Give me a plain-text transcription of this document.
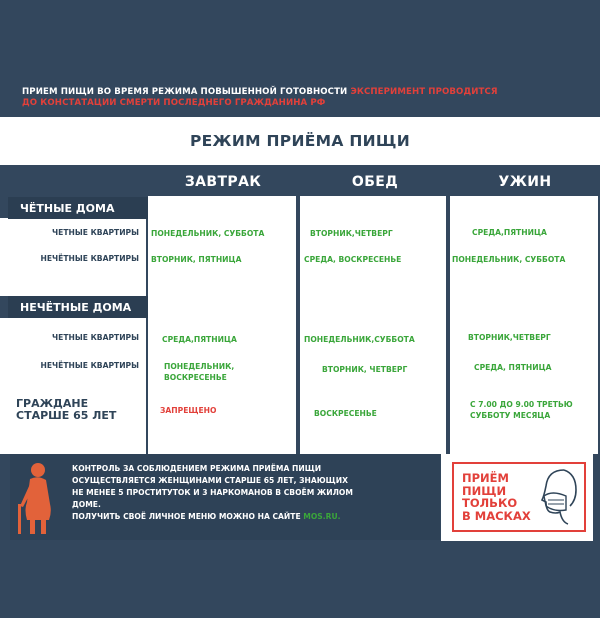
ПРИЕМ ПИЩИ ВО ВРЕМЯ РЕЖИМА ПОВЫШЕННОЙ ГОТОВНОСТИ ЭКСПЕРИМЕНТ ПРОВОДИТСЯ
ДО КОНСТАТАЦИИ СМЕРТИ ПОСЛЕДНЕГО ГРАЖДАНИНА РФ
РЕЖИМ ПРИЁМА ПИЩИ
ЗАВТРАК	ОБЕД	УЖИН
ЧЁТНЫЕ ДОМА
НЕЧЁТНЫЕ ДОМА
ЧЕТНЫЕ КВАРТИРЫ
НЕЧЁТНЫЕ КВАРТИРЫ
ЧЕТНЫЕ КВАРТИРЫ
НЕЧЁТНЫЕ КВАРТИРЫ
ГРАЖДАНЕ СТАРШЕ 65 ЛЕТ
ПОНЕДЕЛЬНИК, СУББОТА
ВТОРНИК, ПЯТНИЦА
СРЕДА,ПЯТНИЦА
ПОНЕДЕЛЬНИК, ВОСКРЕСЕНЬЕ
ЗАПРЕЩЕНО
ВТОРНИК,ЧЕТВЕРГ
СРЕДА, ВОСКРЕСЕНЬЕ
ПОНЕДЕЛЬНИК,СУББОТА
ВТОРНИК, ЧЕТВЕРГ
ВОСКРЕСЕНЬЕ
СРЕДА,ПЯТНИЦА
ПОНЕДЕЛЬНИК, СУББОТА
ВТОРНИК,ЧЕТВЕРГ
СРЕДА, ПЯТНИЦА
С 7.00 ДО 9.00 ТРЕТЬЮ СУББОТУ МЕСЯЦА
КОНТРОЛЬ ЗА СОБЛЮДЕНИЕМ РЕЖИМА ПРИЁМА ПИЩИ
ОСУЩЕСТВЛЯЕТСЯ ЖЕНЩИНАМИ СТАРШЕ 65 ЛЕТ, ЗНАЮЩИХ
НЕ МЕНЕЕ 5 ПРОСТИТУТОК И 3 НАРКОМАНОВ В СВОЁМ ЖИЛОМ
ДОМЕ.
ПОЛУЧИТЬ СВОЁ ЛИЧНОЕ МЕНЮ МОЖНО НА САЙТЕ MOS.RU.
ПРИЁМ
ПИЩИ
ТОЛЬКО
В МАСКАХ
